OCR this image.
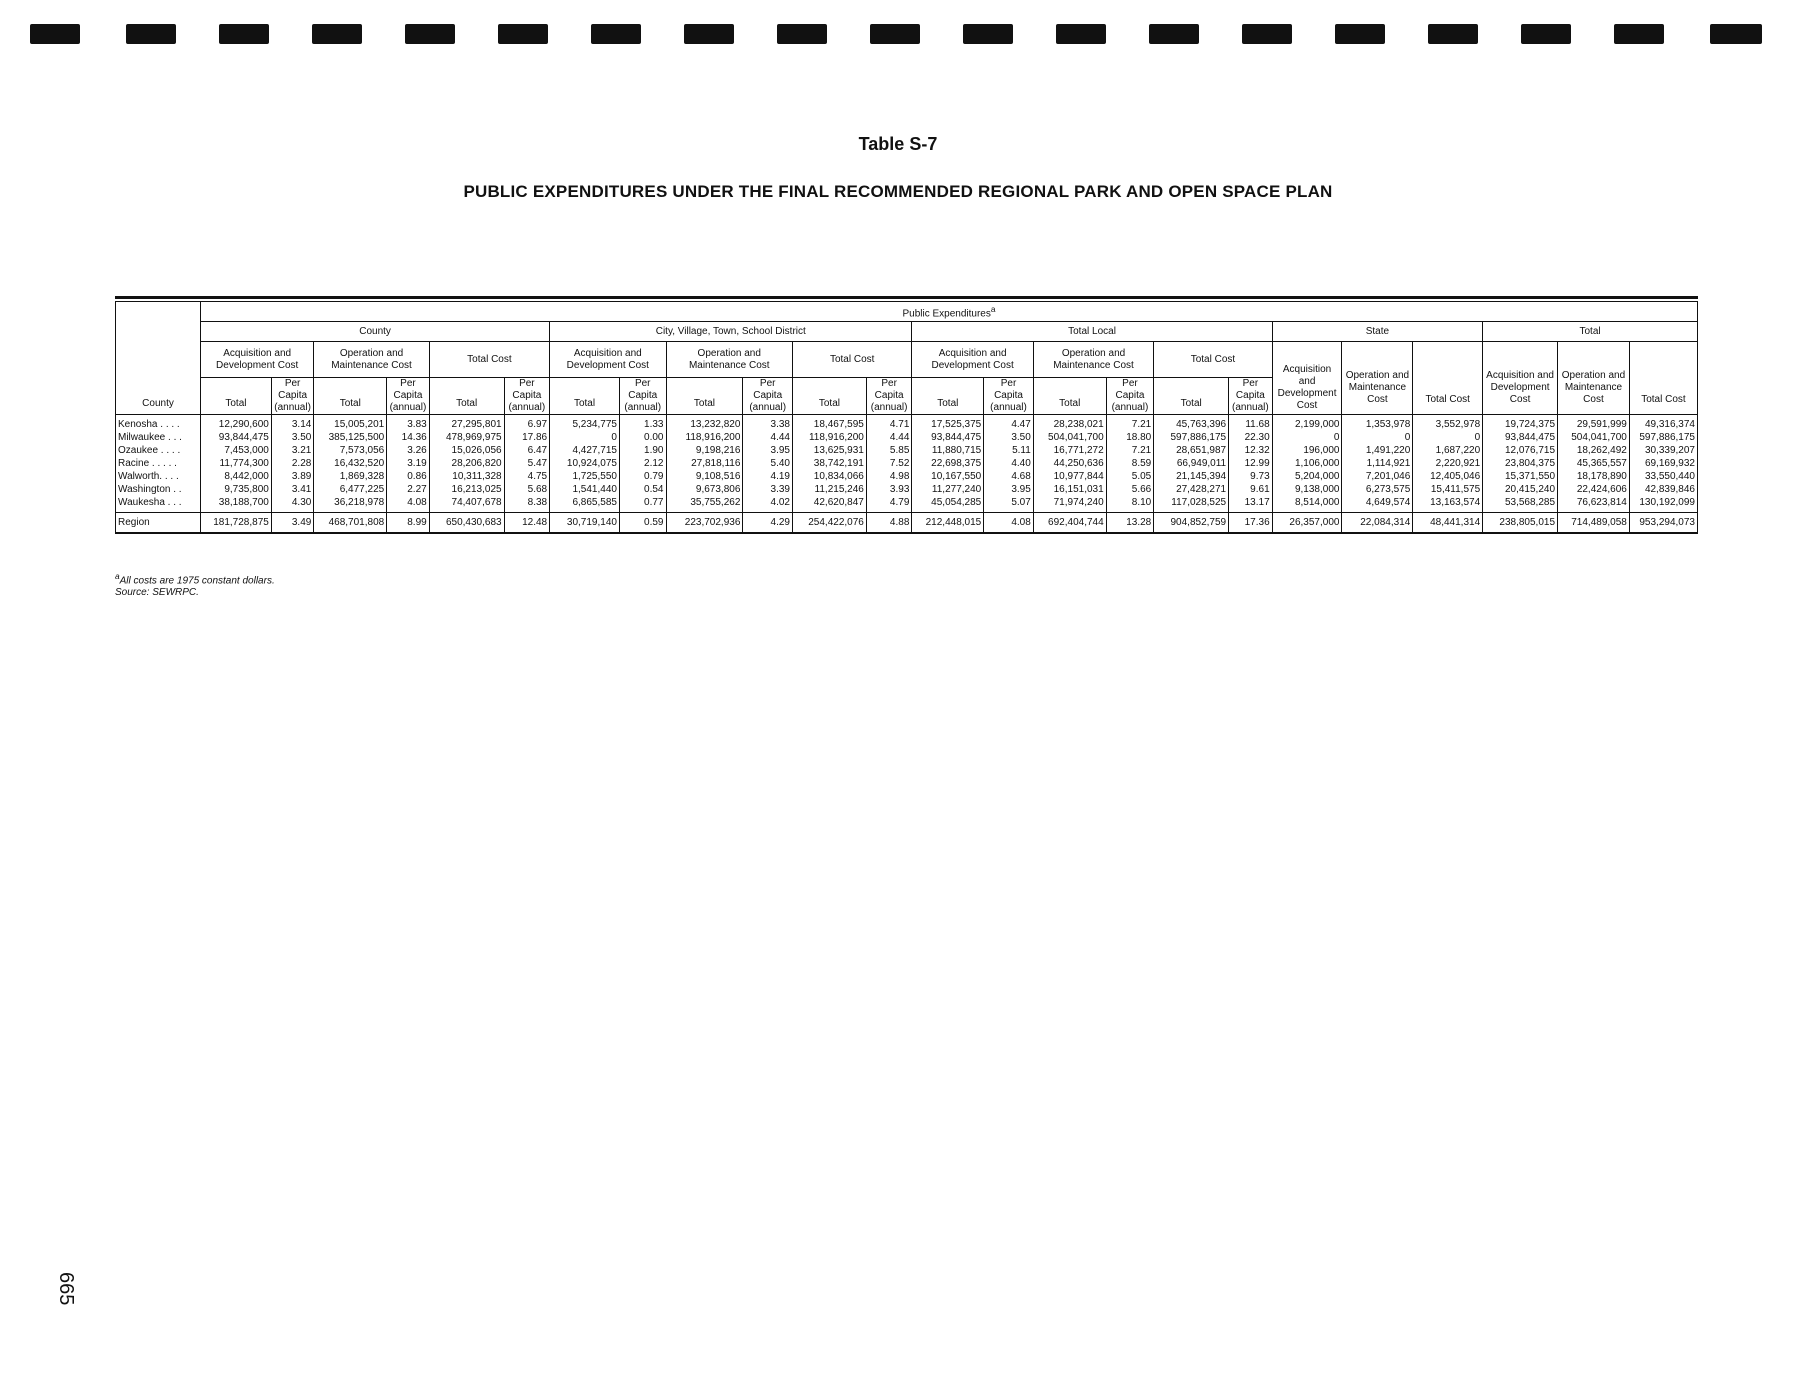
Table S-7
PUBLIC EXPENDITURES UNDER THE FINAL RECOMMENDED REGIONAL PARK AND OPEN SPACE PLAN
County	Public Expenditures$^a$
	County						City, Village, Town, School District						Total Local						State			Total		
	Acquisition and Development Cost		Operation and Maintenance Cost		Total Cost		Acquisition and Development Cost		Operation and Maintenance Cost		Total Cost		Acquisition and Development Cost		Operation and Maintenance Cost		Total Cost		Acquisition and Development Cost	Operation and Maintenance Cost	Total Cost	Acquisition and Development Cost	Operation and Maintenance Cost	Total Cost
	Total	Per Capita (annual)	Total	Per Capita (annual)	Total	Per Capita (annual)	Total	Per Capita (annual)	Total	Per Capita (annual)	Total	Per Capita (annual)	Total	Per Capita (annual)	Total	Per Capita (annual)	Total	Per Capita (annual)						

Kenosha . . . .	12,290,600	3.14	15,005,201	3.83	27,295,801	6.97	5,234,775	1.33	13,232,820	3.38	18,467,595	4.71	17,525,375	4.47	28,238,021	7.21	45,763,396	11.68	2,199,000	1,353,978	3,552,978	19,724,375	29,591,999	49,316,374
Milwaukee . . .	93,844,475	3.50	385,125,500	14.36	478,969,975	17.86	0	0.00	118,916,200	4.44	118,916,200	4.44	93,844,475	3.50	504,041,700	18.80	597,886,175	22.30	0	0	0	93,844,475	504,041,700	597,886,175
Ozaukee . . . .	7,453,000	3.21	7,573,056	3.26	15,026,056	6.47	4,427,715	1.90	9,198,216	3.95	13,625,931	5.85	11,880,715	5.11	16,771,272	7.21	28,651,987	12.32	196,000	1,491,220	1,687,220	12,076,715	18,262,492	30,339,207
Racine . . . . .	11,774,300	2.28	16,432,520	3.19	28,206,820	5.47	10,924,075	2.12	27,818,116	5.40	38,742,191	7.52	22,698,375	4.40	44,250,636	8.59	66,949,011	12.99	1,106,000	1,114,921	2,220,921	23,804,375	45,365,557	69,169,932
Walworth. . . .	8,442,000	3.89	1,869,328	0.86	10,311,328	4.75	1,725,550	0.79	9,108,516	4.19	10,834,066	4.98	10,167,550	4.68	10,977,844	5.05	21,145,394	9.73	5,204,000	7,201,046	12,405,046	15,371,550	18,178,890	33,550,440
Washington . .	9,735,800	3.41	6,477,225	2.27	16,213,025	5.68	1,541,440	0.54	9,673,806	3.39	11,215,246	3.93	11,277,240	3.95	16,151,031	5.66	27,428,271	9.61	9,138,000	6,273,575	15,411,575	20,415,240	22,424,606	42,839,846
Waukesha . . .	38,188,700	4.30	36,218,978	4.08	74,407,678	8.38	6,865,585	0.77	35,755,262	4.02	42,620,847	4.79	45,054,285	5.07	71,974,240	8.10	117,028,525	13.17	8,514,000	4,649,574	13,163,574	53,568,285	76,623,814	130,192,099
Region	181,728,875	3.49	468,701,808	8.99	650,430,683	12.48	30,719,140	0.59	223,702,936	4.29	254,422,076	4.88	212,448,015	4.08	692,404,744	13.28	904,852,759	17.36	26,357,000	22,084,314	48,441,314	238,805,015	714,489,058	953,294,073
$^a$All costs are 1975 constant dollars.
Source: SEWRPC.
665
